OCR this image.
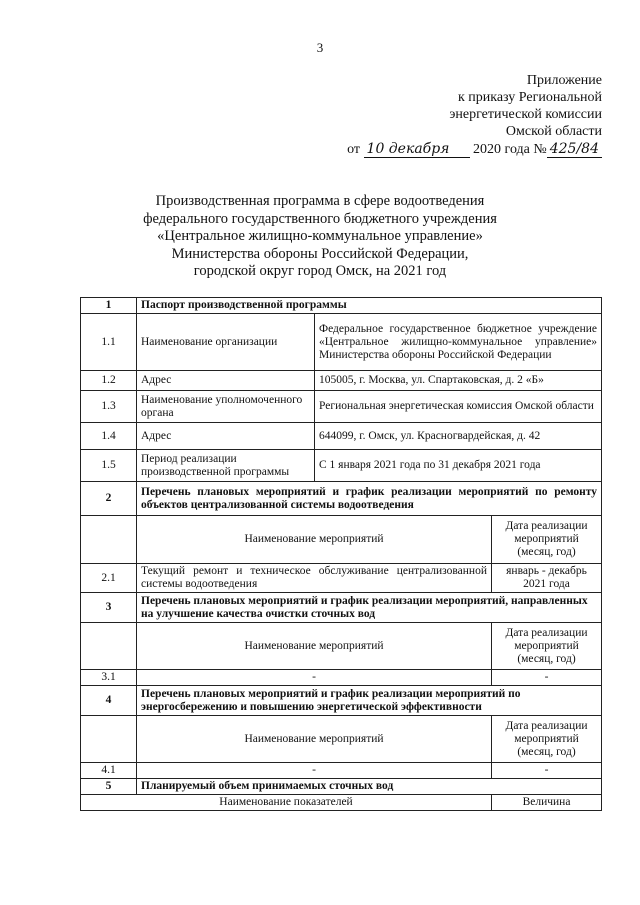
3
Приложение
к приказу Региональной
энергетической комиссии
Омской области
от 10 декабря 2020 года № 425/84
Производственная программа в сфере водоотведения
федерального государственного бюджетного учреждения
«Центральное жилищно-коммунальное управление»
Министерства обороны Российской Федерации,
городской округ город Омск, на 2021 год
1	Паспорт производственной программы		
1.1	Наименование организации	Федеральное государственное бюджетное учреждение «Центральное жилищно-коммунальное управление» Министерства обороны Российской Федерации	
1.2	Адрес	105005, г. Москва, ул. Спартаковская, д. 2 «Б»	
1.3	Наименование уполномоченного органа	Региональная энергетическая комиссия Омской области	
1.4	Адрес	644099, г. Омск, ул. Красногвардейская, д. 42	
1.5	Период реализации производственной программы	С 1 января 2021 года по 31 декабря 2021 года	
2	Перечень плановых мероприятий и график реализации мероприятий по ремонту объектов централизованной системы водоотведения		
	Наименование мероприятий		Дата реализации мероприятий (месяц, год)
2.1	Текущий ремонт и техническое обслуживание централизованной системы водоотведения		январь - декабрь 2021 года
3	Перечень плановых мероприятий и график реализации мероприятий, направленных на улучшение качества очистки сточных вод		
	Наименование мероприятий		Дата реализации мероприятий (месяц, год)
3.1	-		-
4	Перечень плановых мероприятий и график реализации мероприятий по энергосбережению и повышению энергетической эффективности		
	Наименование мероприятий		Дата реализации мероприятий (месяц, год)
4.1	-		-
5	Планируемый объем принимаемых сточных вод		
Наименование показателей			Величина
